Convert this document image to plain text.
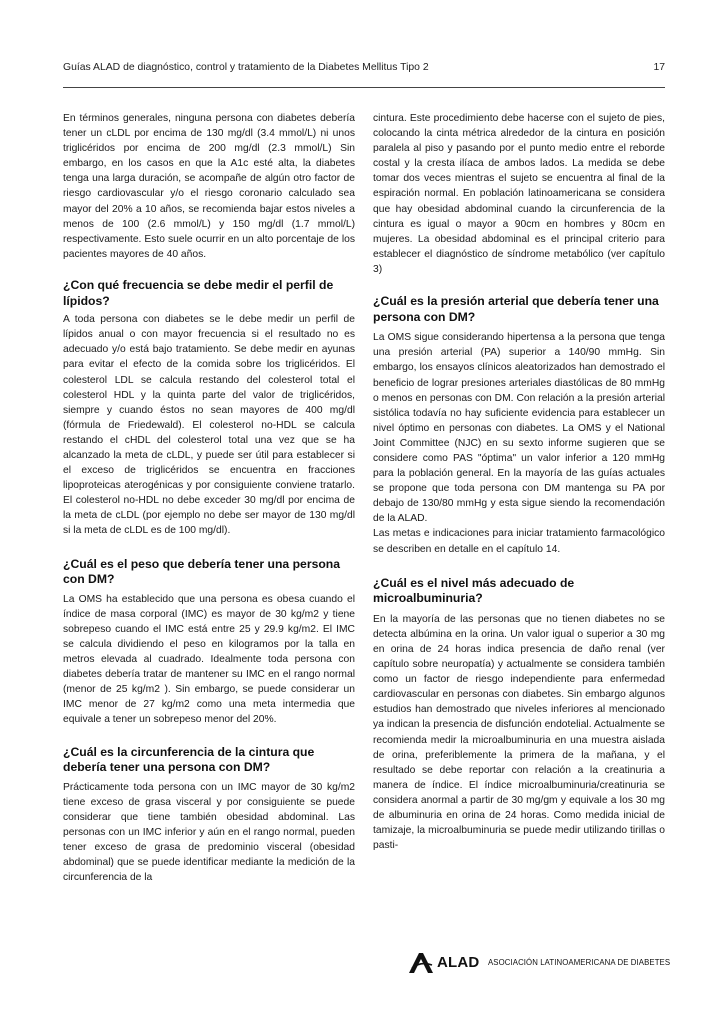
Guías ALAD de diagnóstico, control y tratamiento de la Diabetes Mellitus Tipo 2	17

En términos generales, ninguna persona con diabetes debería tener un cLDL por encima de 130 mg/dl (3.4 mmol/L) ni unos triglicéridos por encima de 200 mg/dl (2.3 mmol/L) Sin embargo, en los casos en que la A1c esté alta, la diabetes tenga una larga duración, se acompañe de algún otro factor de riesgo cardiovascular y/o el riesgo coronario calculado sea mayor del 20% a 10 años, se recomienda bajar estos niveles a menos de 100 (2.6 mmol/L) y 150 mg/dl (1.7 mmol/L) respectivamente. Esto suele ocurrir en un alto porcentaje de los pacientes mayores de 40 años.

¿Con qué frecuencia se debe medir el perfil de lípidos?

A toda persona con diabetes se le debe medir un perfil de lípidos anual o con mayor frecuencia si el resultado no es adecuado y/o está bajo tratamiento. Se debe medir en ayunas para evitar el efecto de la comida sobre los triglicéridos. El colesterol LDL se calcula restando del colesterol total el colesterol HDL y la quinta parte del valor de triglicéridos, siempre y cuando éstos no sean mayores de 400 mg/dl (fórmula de Friedewald). El colesterol no-HDL se calcula restando el cHDL del colesterol total una vez que se ha alcanzado la meta de cLDL, y puede ser útil para establecer si el exceso de triglicéridos se encuentra en fracciones lipoproteicas aterogénicas y por consiguiente conviene tratarlo. El colesterol no-HDL no debe exceder 30 mg/dl por encima de la meta de cLDL (por ejemplo no debe ser mayor de 130 mg/dl si la meta de cLDL es de 100 mg/dl).

¿Cuál es el peso que debería tener una persona con DM?

La OMS ha establecido que una persona es obesa cuando el índice de masa corporal (IMC) es mayor de 30 kg/m2 y tiene sobrepeso cuando el IMC está entre 25 y 29.9 kg/m2. El IMC se calcula dividiendo el peso en kilogramos por la talla en metros elevada al cuadrado. Idealmente toda persona con diabetes debería tratar de mantener su IMC en el rango normal (menor de 25 kg/m2 ). Sin embargo, se puede considerar un IMC menor de 27 kg/m2 como una meta intermedia que equivale a tener un sobrepeso menor del 20%.

¿Cuál es la circunferencia de la cintura que debería tener una persona con DM?

Prácticamente toda persona con un IMC mayor de 30 kg/m2 tiene exceso de grasa visceral y por consiguiente se puede considerar que tiene también obesidad abdominal. Las personas con un IMC inferior y aún en el rango normal, pueden tener exceso de grasa de predominio visceral (obesidad abdominal) que se puede identificar mediante la medición de la circunferencia de la

cintura. Este procedimiento debe hacerse con el sujeto de pies, colocando la cinta métrica alrededor de la cintura en posición paralela al piso y pasando por el punto medio entre el reborde costal y la cresta ilíaca de ambos lados. La medida se debe tomar dos veces mientras el sujeto se encuentra al final de la espiración normal. En población latinoamericana se considera que hay obesidad abdominal cuando la circunferencia de la cintura es igual o mayor a 90cm en hombres y 80cm en mujeres. La obesidad abdominal es el principal criterio para establecer el diagnóstico de síndrome metabólico (ver capítulo 3)

¿Cuál es la presión arterial que debería tener una persona con DM?

La OMS sigue considerando hipertensa a la persona que tenga una presión arterial (PA) superior a 140/90 mmHg. Sin embargo, los ensayos clínicos aleatorizados han demostrado el beneficio de lograr presiones arteriales diastólicas de 80 mmHg o menos en personas con DM. Con relación a la presión arterial sistólica todavía no hay suficiente evidencia para establecer un nivel óptimo en personas con diabetes. La OMS y el National Joint Committee (NJC) en su sexto informe sugieren que se considere como PAS "óptima" un valor inferior a 120 mmHg para la población general. En la mayoría de las guías actuales se propone que toda persona con DM mantenga su PA por debajo de 130/80 mmHg y esta sigue siendo la recomendación de la ALAD.

Las metas e indicaciones para iniciar tratamiento farmacológico se describen en detalle en el capítulo 14.

¿Cuál es el nivel más adecuado de microalbuminuria?

En la mayoría de las personas que no tienen diabetes no se detecta albúmina en la orina. Un valor igual o superior a 30 mg en orina de 24 horas indica presencia de daño renal (ver capítulo sobre neuropatía) y actualmente se considera también como un factor de riesgo independiente para enfermedad cardiovascular en personas con diabetes. Sin embargo algunos estudios han demostrado que niveles inferiores al mencionado ya indican la presencia de disfunción endotelial. Actualmente se recomienda medir la microalbuminuria en una muestra aislada de orina, preferiblemente la primera de la mañana, y el resultado se debe reportar con relación a la creatinuria a manera de índice. El índice microalbuminuria/creatinuria se considera anormal a partir de 30 mg/gm y equivale a los 30 mg de albuminuria en orina de 24 horas. Como medida inicial de tamizaje, la microalbuminuria se puede medir utilizando tirillas o pasti-

ALAD ASOCIACIÓN LATINOAMERICANA DE DIABETES
